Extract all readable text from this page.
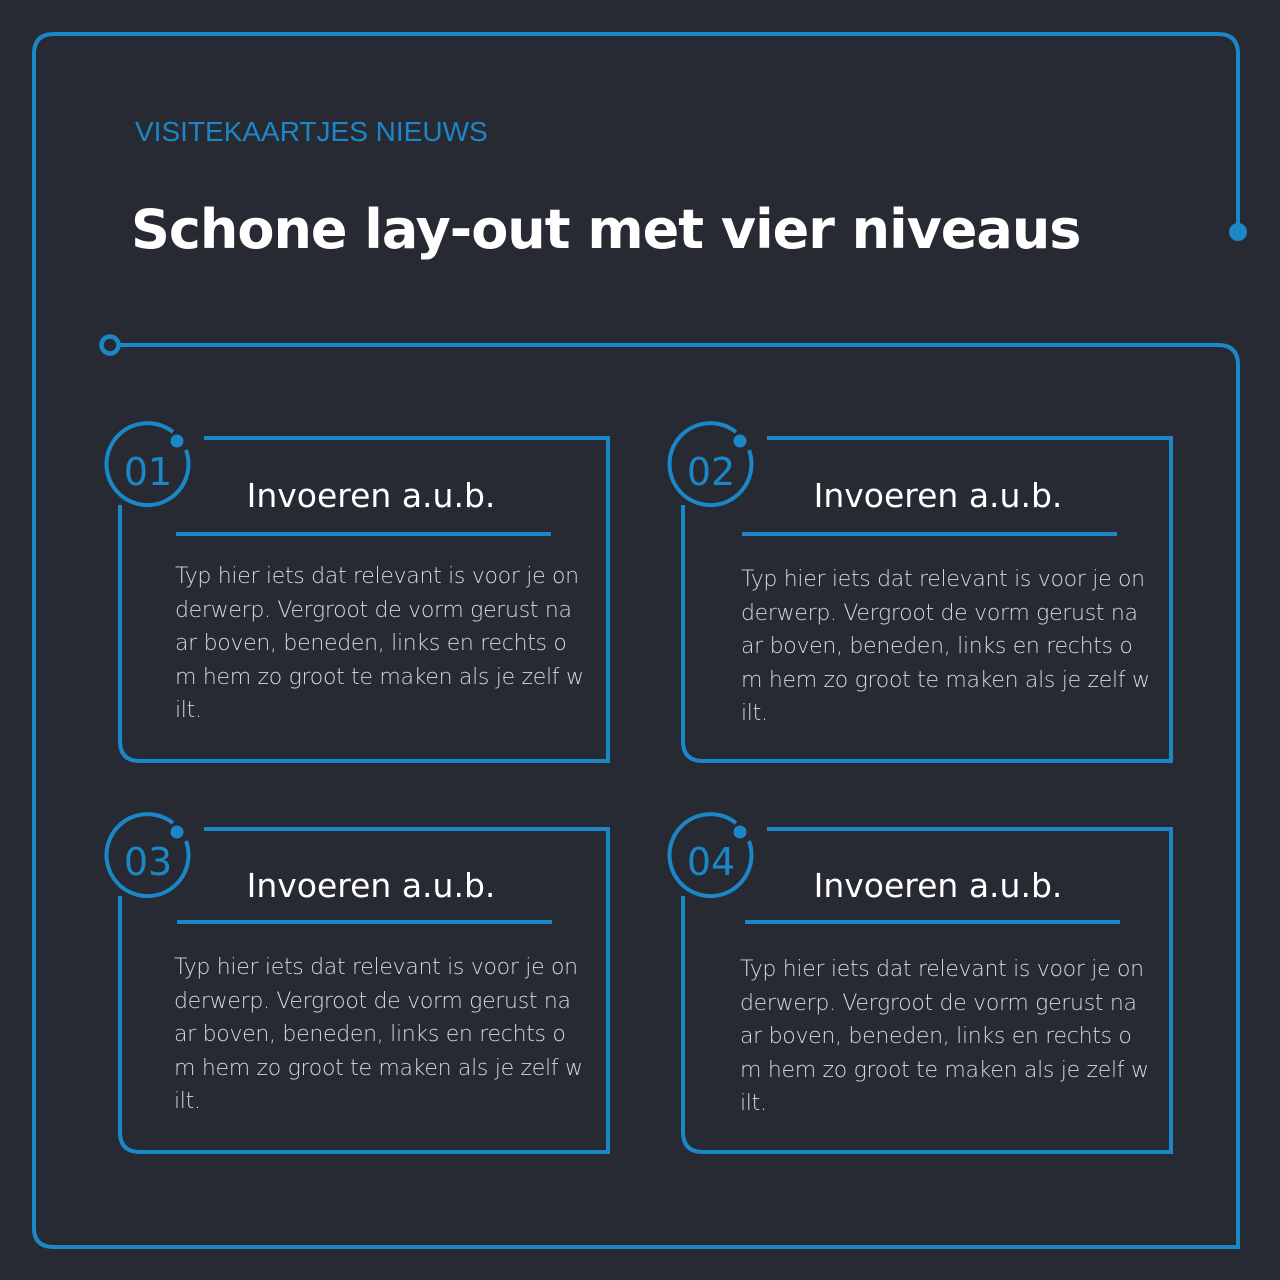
VISITEKAARTJES NIEUWS
Schone lay-out met vier niveaus
01
Invoeren a.u.b.
Typ hier iets dat relevant is voor je on
derwerp. Vergroot de vorm gerust na
ar boven, beneden, links en rechts o
m hem zo groot te maken als je zelf w
ilt.
02
Invoeren a.u.b.
Typ hier iets dat relevant is voor je on
derwerp. Vergroot de vorm gerust na
ar boven, beneden, links en rechts o
m hem zo groot te maken als je zelf w
ilt.
03
Invoeren a.u.b.
Typ hier iets dat relevant is voor je on
derwerp. Vergroot de vorm gerust na
ar boven, beneden, links en rechts o
m hem zo groot te maken als je zelf w
ilt.
04
Invoeren a.u.b.
Typ hier iets dat relevant is voor je on
derwerp. Vergroot de vorm gerust na
ar boven, beneden, links en rechts o
m hem zo groot te maken als je zelf w
ilt.
